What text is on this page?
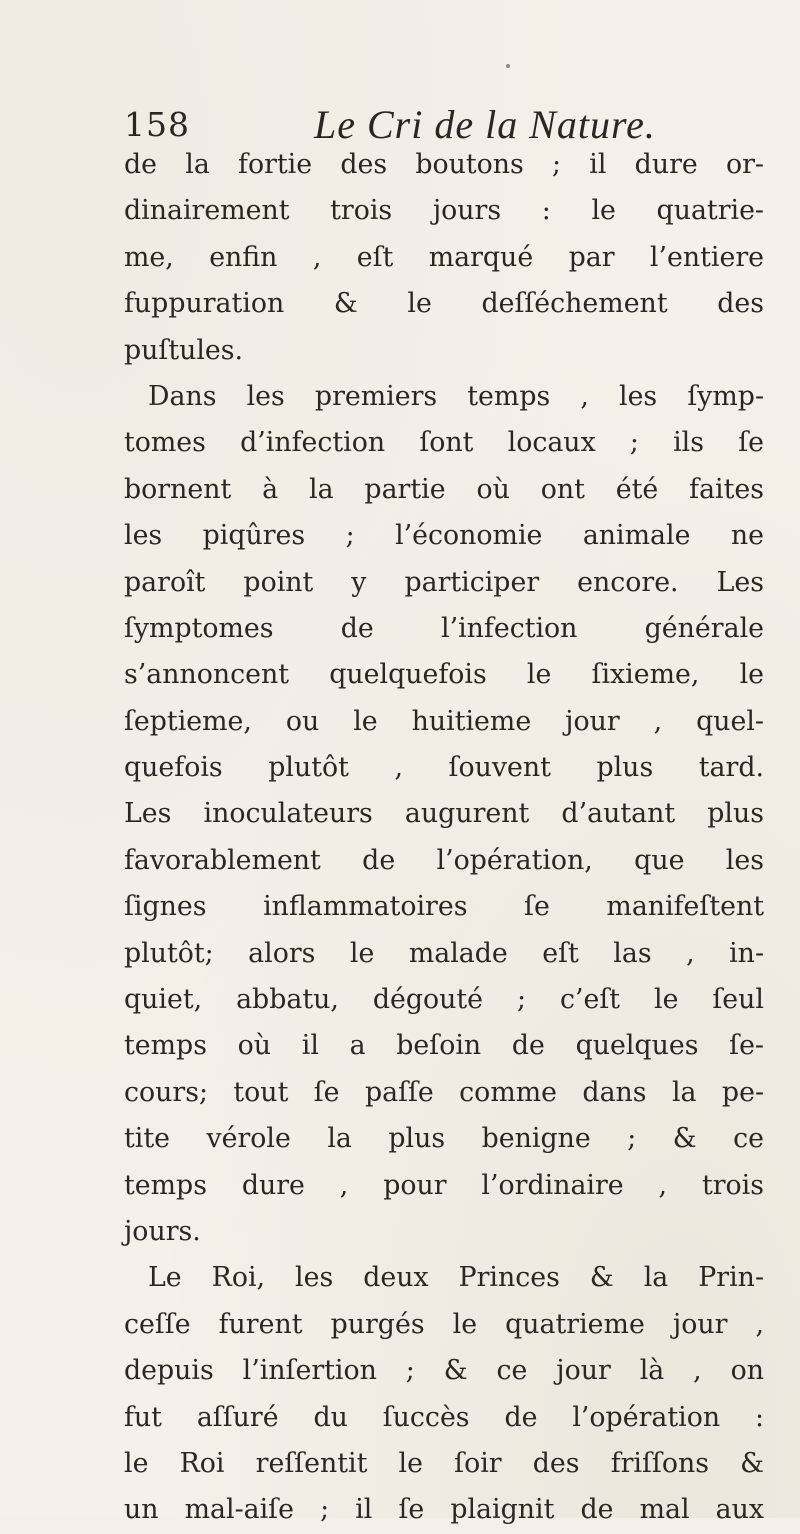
158	Le Cri de la Nature.
de la fortie des boutons ; il dure or-
dinairement trois jours : le quatrie-
me, enfin , eſt marqué par l’entiere
fuppuration & le deſſéchement des
puſtules.
Dans les premiers temps , les ſymp-
tomes d’infection ſont locaux ; ils ſe
bornent à la partie où ont été faites
les piqûres ; l’économie animale ne
paroît point y participer encore. Les
ſymptomes de l’infection générale
s’annoncent quelquefois le ſixieme, le
ſeptieme, ou le huitieme jour , quel-
quefois plutôt , ſouvent plus tard.
Les inoculateurs augurent d’autant plus
favorablement de l’opération, que les
ſignes inflammatoires ſe manifeſtent
plutôt; alors le malade eſt las , in-
quiet, abbatu, dégouté ; c’eſt le ſeul
temps où il a beſoin de quelques ſe-
cours; tout ſe paſſe comme dans la pe-
tite vérole la plus benigne ; & ce
temps dure , pour l’ordinaire , trois
jours.
Le Roi, les deux Princes & la Prin-
ceſſe furent purgés le quatrieme jour ,
depuis l’inſertion ; & ce jour là , on
fut aſſuré du ſuccès de l’opération :
le Roi reſſentit le ſoir des friſſons &
un mal-aiſe ; il ſe plaignit de mal aux
